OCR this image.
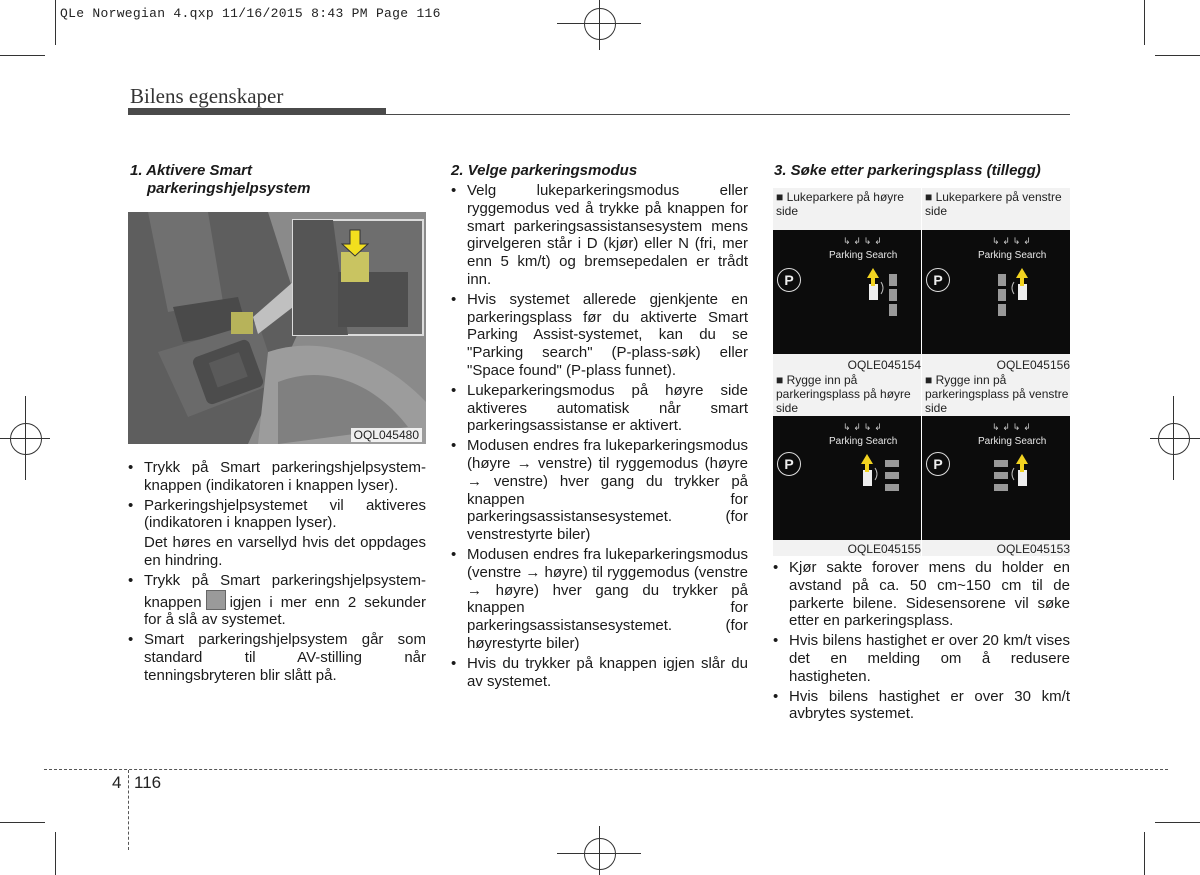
QLe Norwegian 4.qxp 11/16/2015 8:43 PM Page 116
Bilens egenskaper
1. Aktivere Smart
parkeringshjelpsystem
OQL045480
• Trykk på Smart parkeringshjelpsystem-knappen (indikatoren i knappen lyser).
• Parkeringshjelpsystemet vil aktiveres (indikatoren i knappen lyser).
Det høres en varsellyd hvis det oppdages en hindring.
• Trykk på Smart parkeringshjelpsystem-knappen igjen i mer enn 2 sekunder for å slå av systemet.
• Smart parkeringshjelpsystem går som standard til AV-stilling når tenningsbryteren blir slått på.
2. Velge parkeringsmodus
• Velg lukeparkeringsmodus eller ryggemodus ved å trykke på knappen for smart parkeringsassistansesystem mens girvelgeren står i D (kjør) eller N (fri, mer enn 5 km/t) og bremsepedalen er trådt inn.
• Hvis systemet allerede gjenkjente en parkeringsplass før du aktiverte Smart Parking Assist-systemet, kan du se "Parking search" (P-plass-søk) eller "Space found" (P-plass funnet).
• Lukeparkeringsmodus på høyre side aktiveres automatisk når smart parkeringsassistanse er aktivert.
• Modusen endres fra lukeparkeringsmodus (høyre → venstre) til ryggemodus (høyre → venstre) hver gang du trykker på knappen for parkeringsassistansesystemet. (for venstrestyrte biler)
• Modusen endres fra lukeparkeringsmodus (venstre → høyre) til ryggemodus (venstre → høyre) hver gang du trykker på knappen for parkeringsassistansesystemet. (for høyrestyrte biler)
• Hvis du trykker på knappen igjen slår du av systemet.
3. Søke etter parkeringsplass (tillegg)
■ Lukeparkere på høyre side
P
Parking Search
↳ ↲ ↳ ↲
OQLE045154
■ Lukeparkere på venstre side
P
Parking Search
↳ ↲ ↳ ↲
OQLE045156
■ Rygge inn på parkeringsplass på høyre side
P
Parking Search
↳ ↲ ↳ ↲
OQLE045155
■ Rygge inn på parkeringsplass på venstre side
P
Parking Search
↳ ↲ ↳ ↲
OQLE045153
• Kjør sakte forover mens du holder en avstand på ca. 50 cm~150 cm til de parkerte bilene. Sidesensorene vil søke etter en parkeringsplass.
• Hvis bilens hastighet er over 20 km/t vises det en melding om å redusere hastigheten.
• Hvis bilens hastighet er over 30 km/t avbrytes systemet.
4 116
